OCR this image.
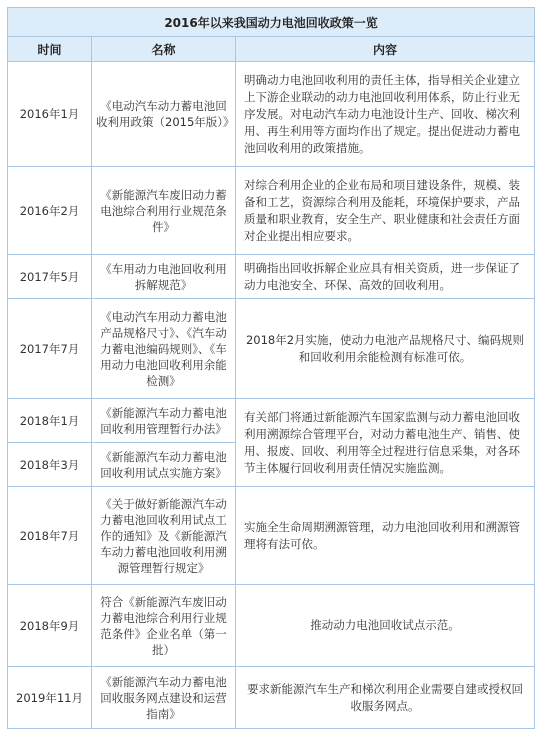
2016年以来我国动力电池回收政策一览		
时间	名称	内容
2016年1月	《电动汽车动力蓄电池回收利用政策（2015年版）》	明确动力电池回收利用的责任主体，指导相关企业建立上下游企业联动的动力电池回收利用体系，防止行业无序发展。对电动汽车动力电池设计生产、回收、梯次利用、再生利用等方面均作出了规定。提出促进动力蓄电池回收利用的政策措施。
2016年2月	《新能源汽车废旧动力蓄电池综合利用行业规范条件》	对综合利用企业的企业布局和项目建设条件，规模、装备和工艺，资源综合利用及能耗，环境保护要求，产品质量和职业教育，安全生产、职业健康和社会责任方面对企业提出相应要求。
2017年5月	《车用动力电池回收利用拆解规范》	明确指出回收拆解企业应具有相关资质，进一步保证了动力电池安全、环保、高效的回收利用。
2017年7月	《电动汽车用动力蓄电池产品规格尺寸》、《汽车动力蓄电池编码规则》、《车用动力电池回收利用余能检测》	2018年2月实施，使动力电池产品规格尺寸、编码规则和回收利用余能检测有标准可依。
2018年1月	《新能源汽车动力蓄电池回收利用管理暂行办法》	有关部门将通过新能源汽车国家监测与动力蓄电池回收利用溯源综合管理平台，对动力蓄电池生产、销售、使用、报废、回收、利用等全过程进行信息采集，对各环节主体履行回收利用责任情况实施监测。
2018年3月	《新能源汽车动力蓄电池回收利用试点实施方案》	
2018年7月	《关于做好新能源汽车动力蓄电池回收利用试点工作的通知》及《新能源汽车动力蓄电池回收利用溯源管理暂行规定》	实施全生命周期溯源管理，动力电池回收利用和溯源管理将有法可依。
2018年9月	符合《新能源汽车废旧动力蓄电池综合利用行业规范条件》企业名单（第一批）	推动动力电池回收试点示范。
2019年11月	《新能源汽车动力蓄电池回收服务网点建设和运营指南》	要求新能源汽车生产和梯次利用企业需要自建或授权回收服务网点。
